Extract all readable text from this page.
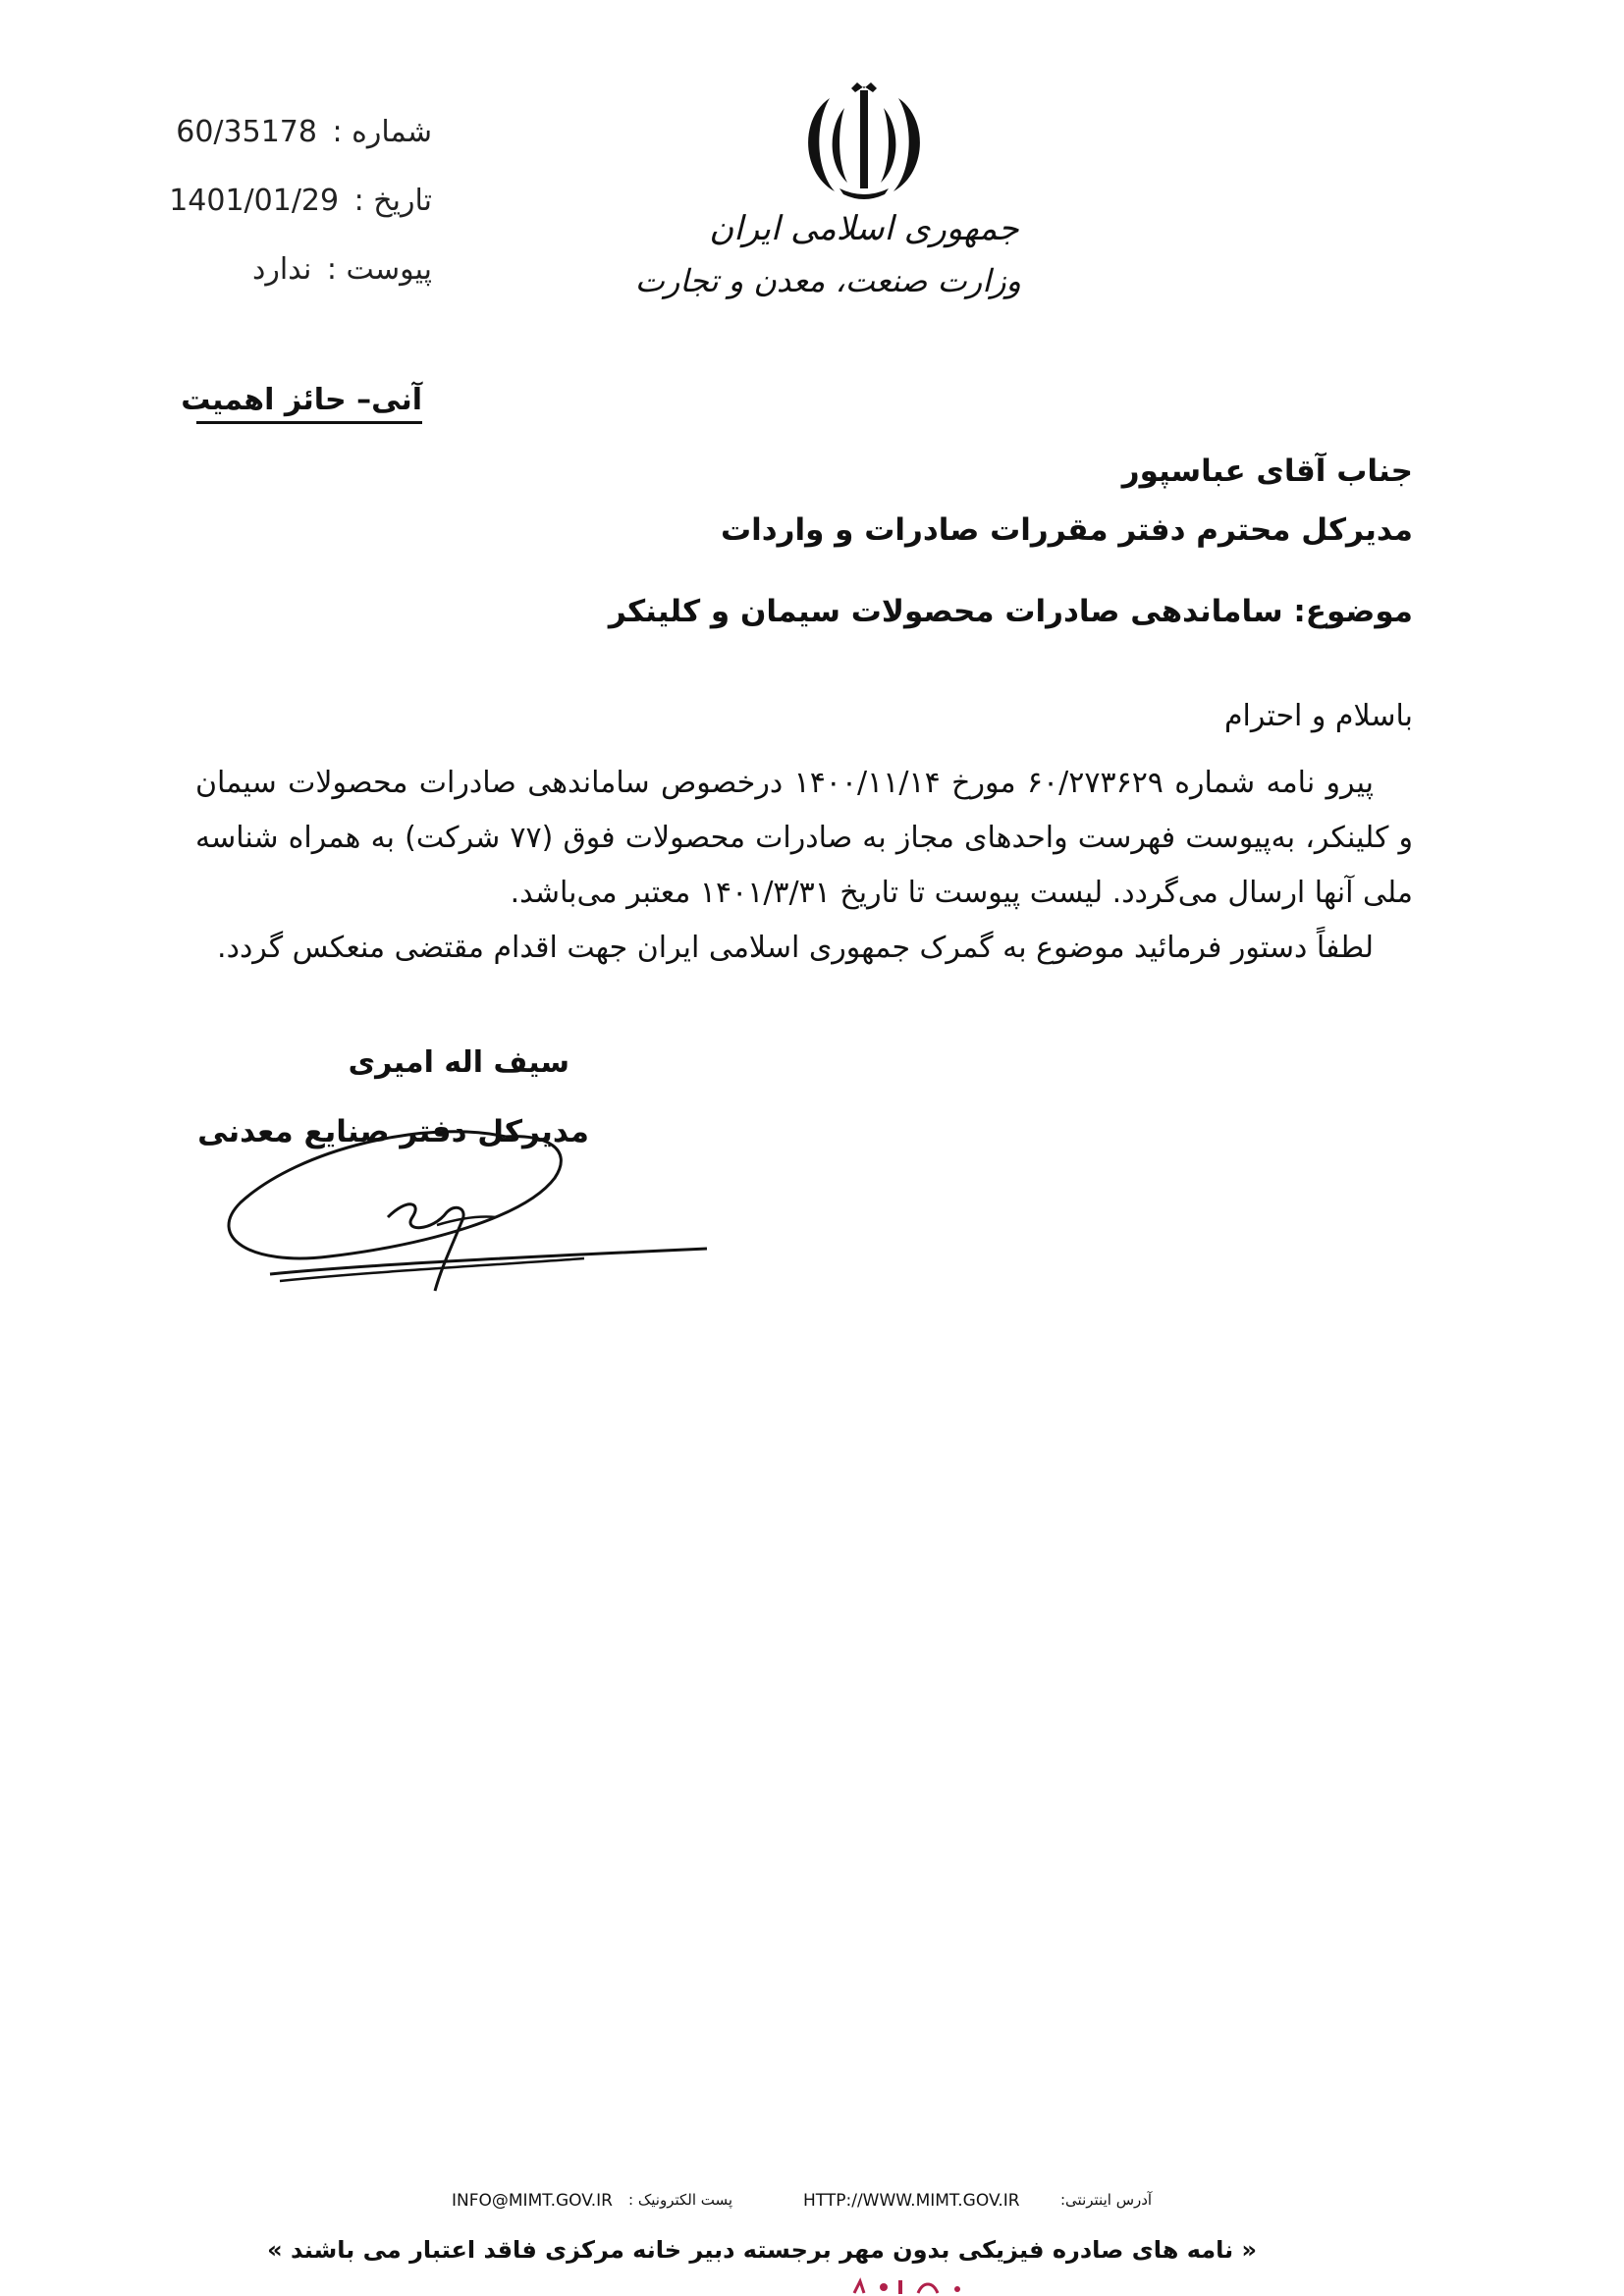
شماره : 60/35178
تاریخ : 1401/01/29
پیوست : ندارد
جمهوری اسلامی ایران
وزارت صنعت، معدن و تجارت
آنی– حائز اهمیت
جناب آقای عباسپور
مدیرکل محترم دفتر مقررات صادرات و واردات
موضوع: ساماندهی صادرات محصولات سیمان و کلینکر
باسلام و احترام
پیرو نامه شماره ۶۰/۲۷۳۶۲۹ مورخ ۱۴۰۰/۱۱/۱۴ درخصوص ساماندهی صادرات محصولات سیمان و کلینکر، به‌پیوست فهرست واحدهای مجاز به صادرات محصولات فوق (۷۷ شرکت) به همراه شناسه ملی آنها ارسال می‌گردد. لیست پیوست تا تاریخ ۱۴۰۱/۳/۳۱ معتبر می‌باشد.
لطفاً دستور فرمائید موضوع به گمرک جمهوری اسلامی ایران جهت اقدام مقتضی منعکس گردد.
سیف اله امیری
مدیرکل دفتر صنایع معدنی
INFO@MIMT.GOV.IR پست الکترونیک :	HTTP://WWW.MIMT.GOV.IR	آدرس اینترنتی:
« نامه های صادره فیزیکی بدون مهر برجسته دبیر خانه مرکزی فاقد اعتبار می باشند »
